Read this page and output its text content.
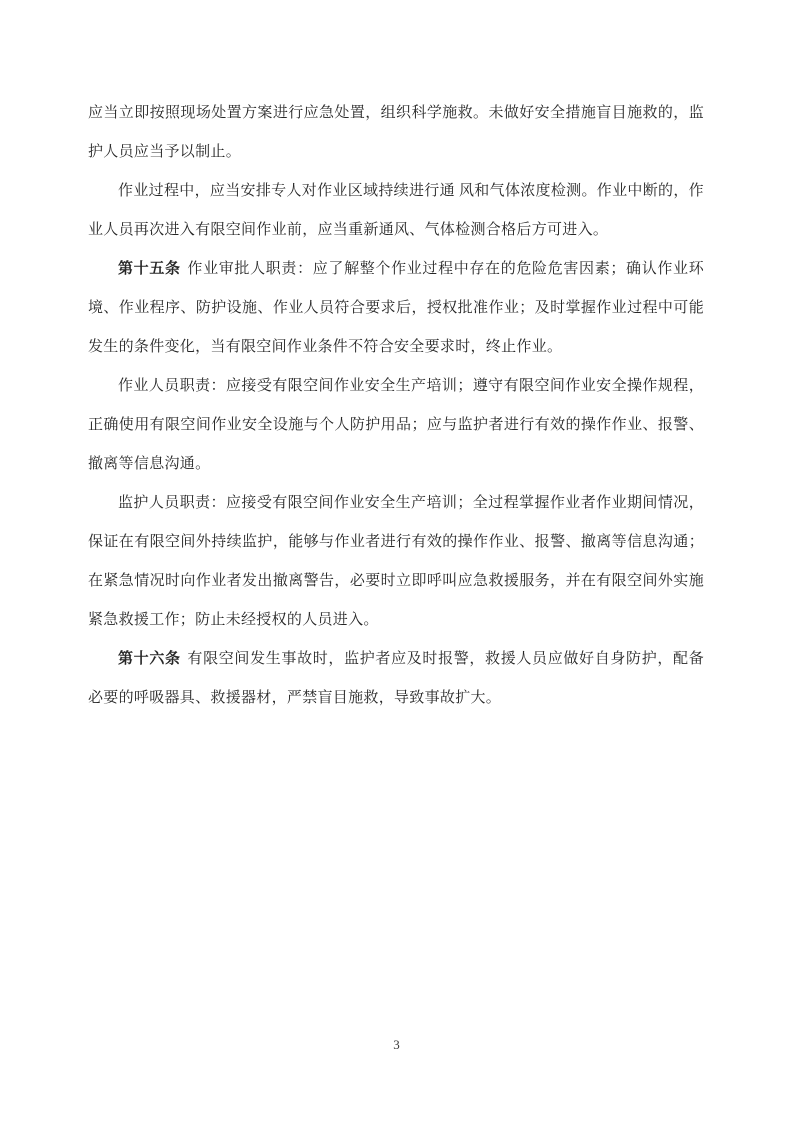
应当立即按照现场处置方案进行应急处置，组织科学施救。未做好安全措施盲目施救的，监护人员应当予以制止。

作业过程中，应当安排专人对作业区域持续进行通 风和气体浓度检测。作业中断的，作业人员再次进入有限空间作业前，应当重新通风、气体检测合格后方可进入。

第十五条 作业审批人职责：应了解整个作业过程中存在的危险危害因素；确认作业环境、作业程序、防护设施、作业人员符合要求后，授权批准作业；及时掌握作业过程中可能发生的条件变化，当有限空间作业条件不符合安全要求时，终止作业。

作业人员职责：应接受有限空间作业安全生产培训；遵守有限空间作业安全操作规程，正确使用有限空间作业安全设施与个人防护用品；应与监护者进行有效的操作作业、报警、撤离等信息沟通。

监护人员职责：应接受有限空间作业安全生产培训；全过程掌握作业者作业期间情况，保证在有限空间外持续监护，能够与作业者进行有效的操作作业、报警、撤离等信息沟通；在紧急情况时向作业者发出撤离警告，必要时立即呼叫应急救援服务，并在有限空间外实施紧急救援工作；防止未经授权的人员进入。

第十六条 有限空间发生事故时，监护者应及时报警，救援人员应做好自身防护，配备必要的呼吸器具、救援器材，严禁盲目施救，导致事故扩大。

3
